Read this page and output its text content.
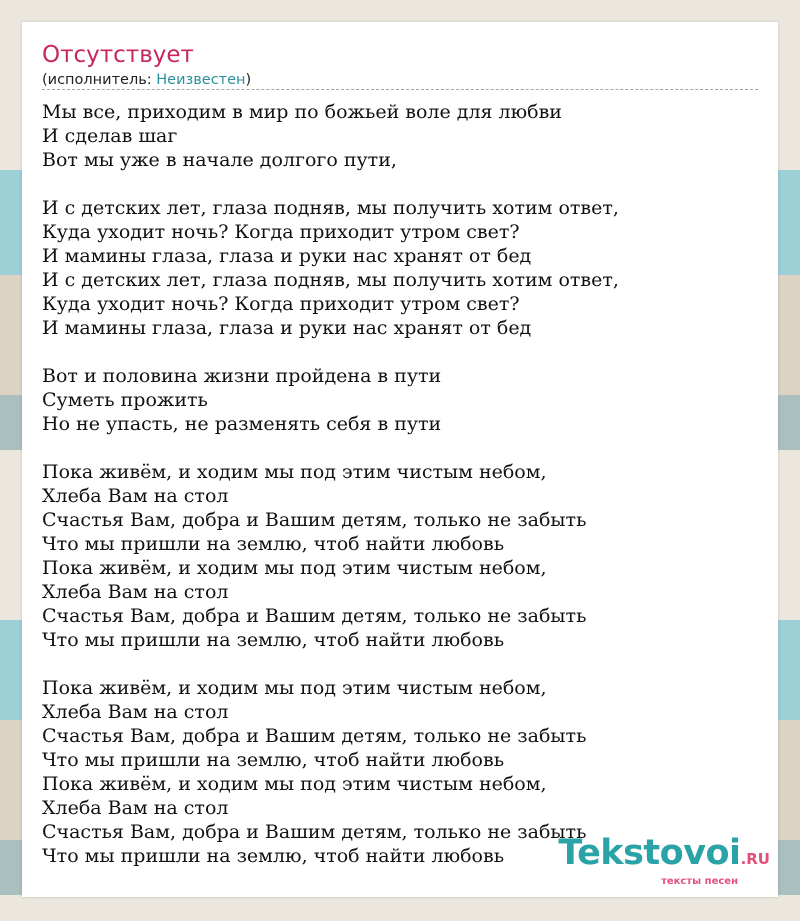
Отсутствует
(исполнитель: Неизвестен)
Мы все, приходим в мир по божьей воле для любви
И сделав шаг
Вот мы уже в начале долгого пути,
И с детских лет, глаза подняв, мы получить хотим ответ,
Куда уходит ночь? Когда приходит утром свет?
И мамины глаза, глаза и руки нас хранят от бед
И с детских лет, глаза подняв, мы получить хотим ответ,
Куда уходит ночь? Когда приходит утром свет?
И мамины глаза, глаза и руки нас хранят от бед
Вот и половина жизни пройдена в пути
Суметь прожить
Но не упасть, не разменять себя в пути
Пока живём, и ходим мы под этим чистым небом,
Хлеба Вам на стол
Счастья Вам, добра и Вашим детям, только не забыть
Что мы пришли на землю, чтоб найти любовь
Пока живём, и ходим мы под этим чистым небом,
Хлеба Вам на стол
Счастья Вам, добра и Вашим детям, только не забыть
Что мы пришли на землю, чтоб найти любовь
Пока живём, и ходим мы под этим чистым небом,
Хлеба Вам на стол
Счастья Вам, добра и Вашим детям, только не забыть
Что мы пришли на землю, чтоб найти любовь
Пока живём, и ходим мы под этим чистым небом,
Хлеба Вам на стол
Счастья Вам, добра и Вашим детям, только не забыть
Что мы пришли на землю, чтоб найти любовь	Tekstovoi.RU
тексты песен
